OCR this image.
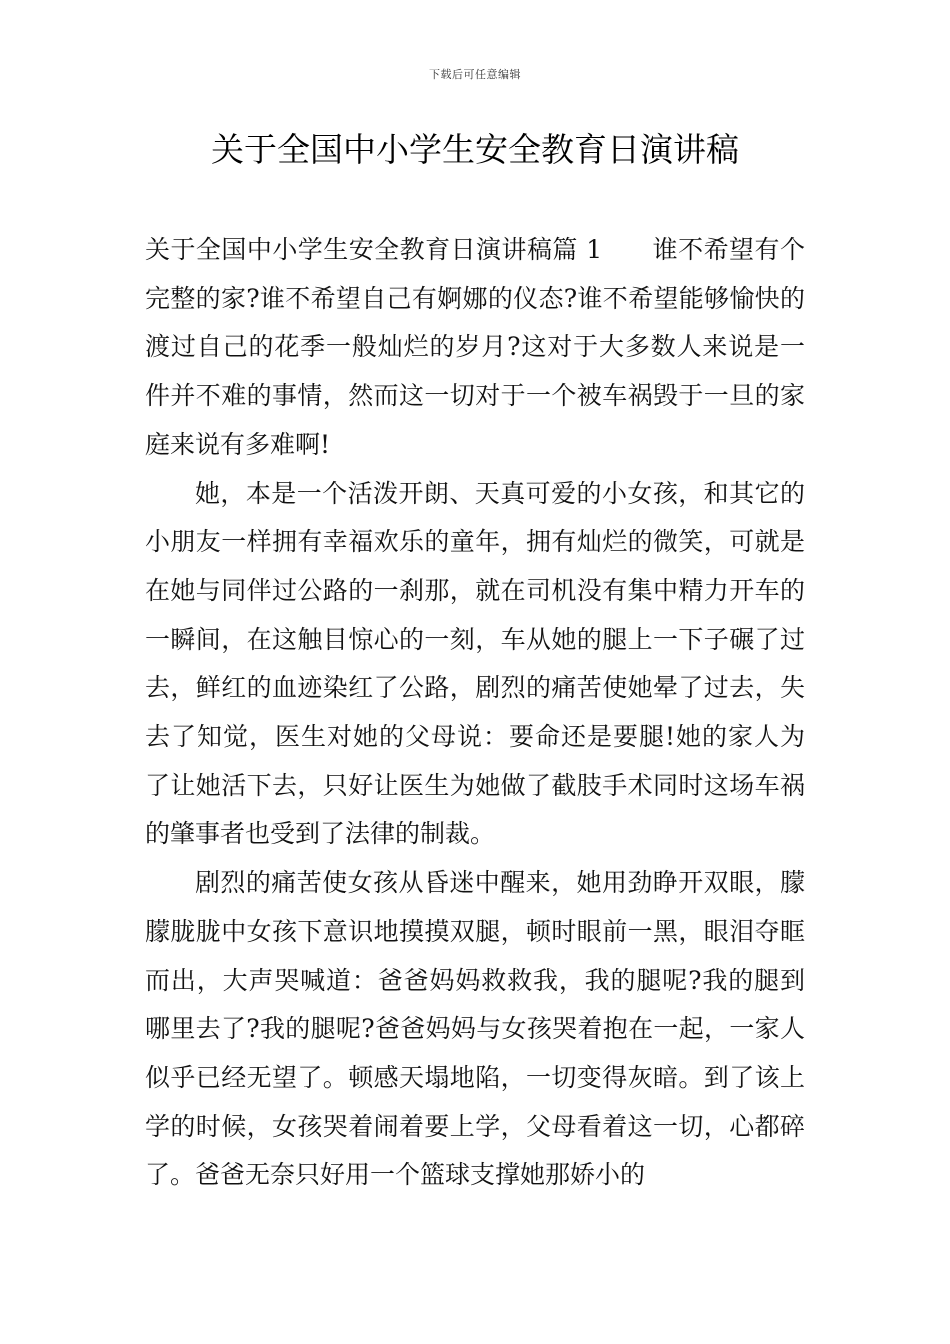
下载后可任意编辑
关于全国中小学生安全教育日演讲稿

关于全国中小学生安全教育日演讲稿篇 1 谁不希望有个完整的家?谁不希望自己有婀娜的仪态?谁不希望能够愉快的渡过自己的花季一般灿烂的岁月?这对于大多数人来说是一件并不难的事情，然而这一切对于一个被车祸毁于一旦的家庭来说有多难啊!

她，本是一个活泼开朗、天真可爱的小女孩，和其它的小朋友一样拥有幸福欢乐的童年，拥有灿烂的微笑，可就是在她与同伴过公路的一刹那，就在司机没有集中精力开车的一瞬间，在这触目惊心的一刻，车从她的腿上一下子碾了过去，鲜红的血迹染红了公路，剧烈的痛苦使她晕了过去，失去了知觉，医生对她的父母说：要命还是要腿!她的家人为了让她活下去，只好让医生为她做了截肢手术同时这场车祸的肇事者也受到了法律的制裁。

剧烈的痛苦使女孩从昏迷中醒来，她用劲睁开双眼，朦朦胧胧中女孩下意识地摸摸双腿，顿时眼前一黑，眼泪夺眶而出，大声哭喊道：爸爸妈妈救救我，我的腿呢?我的腿到哪里去了?我的腿呢?爸爸妈妈与女孩哭着抱在一起，一家人似乎已经无望了。顿感天塌地陷，一切变得灰暗。到了该上学的时候，女孩哭着闹着要上学，父母看着这一切，心都碎了。爸爸无奈只好用一个篮球支撑她那娇小的
